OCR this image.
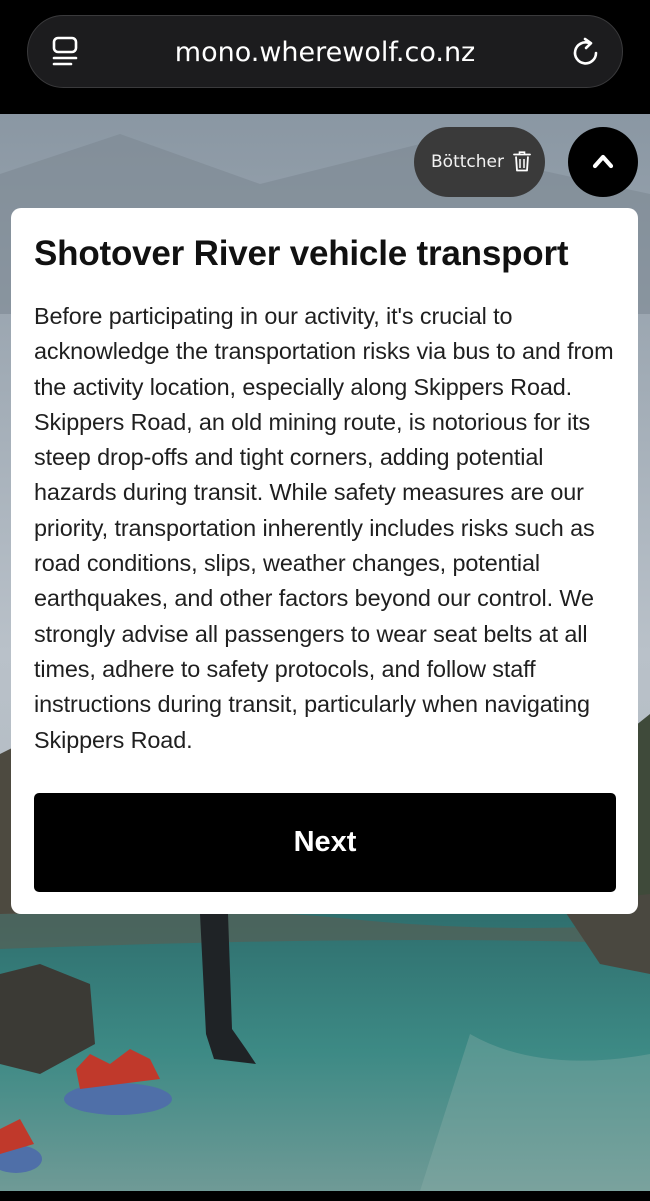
mono.wherewolf.co.nz
Böttcher
Shotover River vehicle transport

Before participating in our activity, it's crucial to acknowledge the transportation risks via bus to and from the activity location, especially along Skippers Road. Skippers Road, an old mining route, is notorious for its steep drop-offs and tight corners, adding potential hazards during transit. While safety measures are our priority, transportation inherently includes risks such as road conditions, slips, weather changes, potential earthquakes, and other factors beyond our control. We strongly advise all passengers to wear seat belts at all times, adhere to safety protocols, and follow staff instructions during transit, particularly when navigating Skippers Road.

Next
